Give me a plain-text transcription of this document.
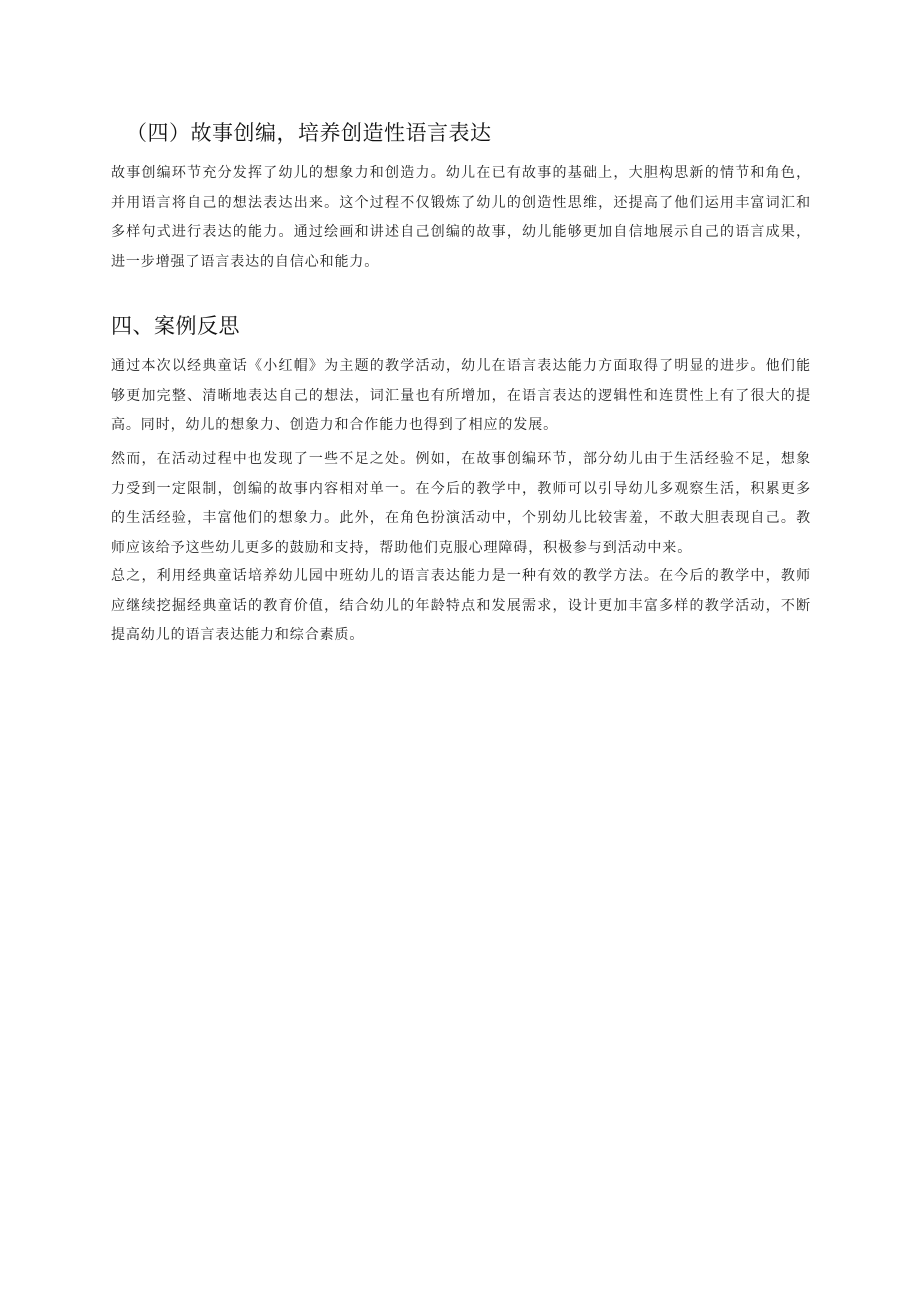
（四）故事创编，培养创造性语言表达

故事创编环节充分发挥了幼儿的想象力和创造力。幼儿在已有故事的基础上，大胆构思新的情节和角色，并用语言将自己的想法表达出来。这个过程不仅锻炼了幼儿的创造性思维，还提高了他们运用丰富词汇和多样句式进行表达的能力。通过绘画和讲述自己创编的故事，幼儿能够更加自信地展示自己的语言成果，进一步增强了语言表达的自信心和能力。

四、案例反思

通过本次以经典童话《小红帽》为主题的教学活动，幼儿在语言表达能力方面取得了明显的进步。他们能够更加完整、清晰地表达自己的想法，词汇量也有所增加，在语言表达的逻辑性和连贯性上有了很大的提高。同时，幼儿的想象力、创造力和合作能力也得到了相应的发展。

然而，在活动过程中也发现了一些不足之处。例如，在故事创编环节，部分幼儿由于生活经验不足，想象力受到一定限制，创编的故事内容相对单一。在今后的教学中，教师可以引导幼儿多观察生活，积累更多的生活经验，丰富他们的想象力。此外，在角色扮演活动中，个别幼儿比较害羞，不敢大胆表现自己。教师应该给予这些幼儿更多的鼓励和支持，帮助他们克服心理障碍，积极参与到活动中来。

总之，利用经典童话培养幼儿园中班幼儿的语言表达能力是一种有效的教学方法。在今后的教学中，教师应继续挖掘经典童话的教育价值，结合幼儿的年龄特点和发展需求，设计更加丰富多样的教学活动，不断提高幼儿的语言表达能力和综合素质。
